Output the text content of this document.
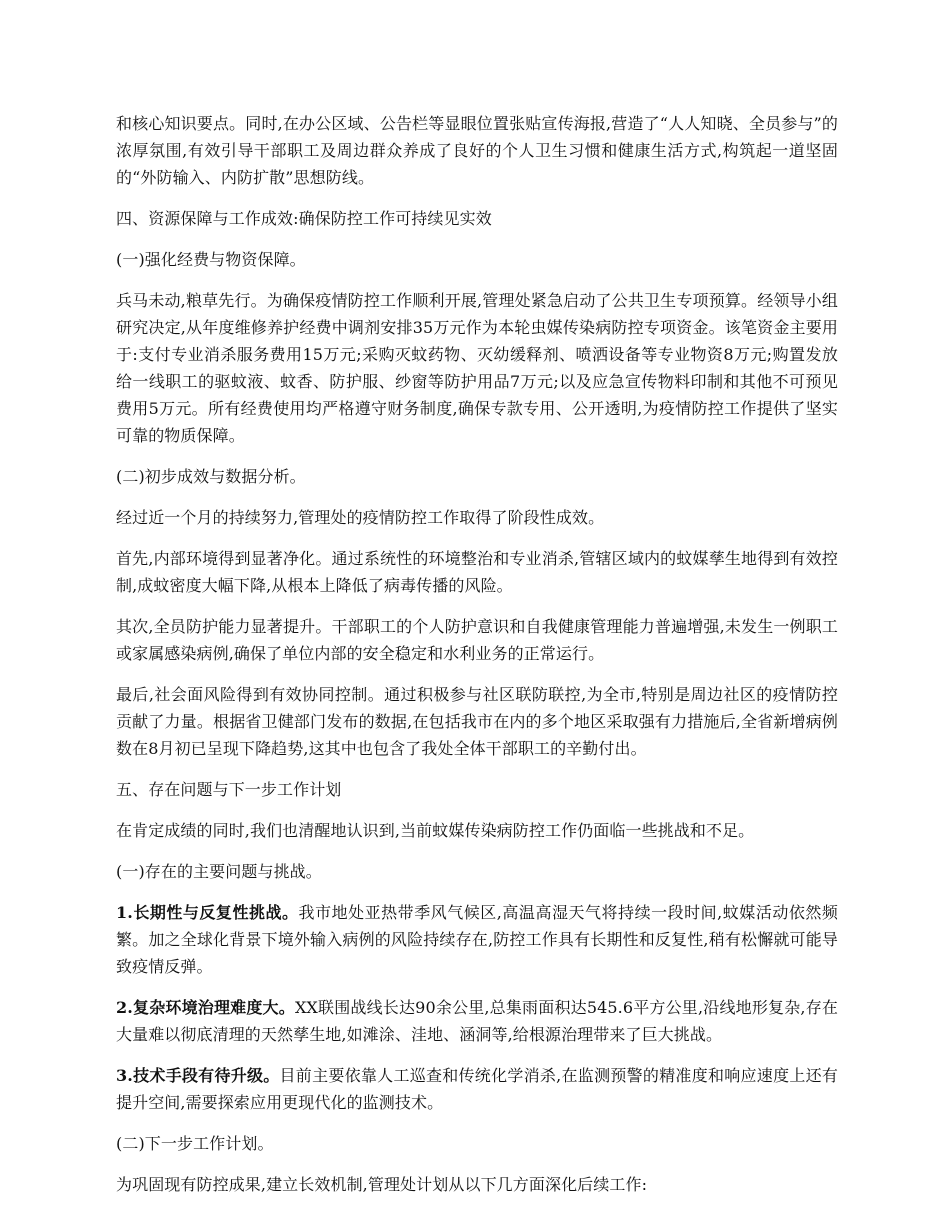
和核心知识要点。同时,在办公区域、公告栏等显眼位置张贴宣传海报,营造了“人人知晓、全员参与”的浓厚氛围,有效引导干部职工及周边群众养成了良好的个人卫生习惯和健康生活方式,构筑起一道坚固的“外防输入、内防扩散”思想防线。

四、资源保障与工作成效:确保防控工作可持续见实效

(一)强化经费与物资保障。

兵马未动,粮草先行。为确保疫情防控工作顺利开展,管理处紧急启动了公共卫生专项预算。经领导小组研究决定,从年度维修养护经费中调剂安排35万元作为本轮虫媒传染病防控专项资金。该笔资金主要用于:支付专业消杀服务费用15万元;采购灭蚊药物、灭幼缓释剂、喷洒设备等专业物资8万元;购置发放给一线职工的驱蚊液、蚊香、防护服、纱窗等防护用品7万元;以及应急宣传物料印制和其他不可预见费用5万元。所有经费使用均严格遵守财务制度,确保专款专用、公开透明,为疫情防控工作提供了坚实可靠的物质保障。

(二)初步成效与数据分析。

经过近一个月的持续努力,管理处的疫情防控工作取得了阶段性成效。

首先,内部环境得到显著净化。通过系统性的环境整治和专业消杀,管辖区域内的蚊媒孳生地得到有效控制,成蚊密度大幅下降,从根本上降低了病毒传播的风险。

其次,全员防护能力显著提升。干部职工的个人防护意识和自我健康管理能力普遍增强,未发生一例职工或家属感染病例,确保了单位内部的安全稳定和水利业务的正常运行。

最后,社会面风险得到有效协同控制。通过积极参与社区联防联控,为全市,特别是周边社区的疫情防控贡献了力量。根据省卫健部门发布的数据,在包括我市在内的多个地区采取强有力措施后,全省新增病例数在8月初已呈现下降趋势,这其中也包含了我处全体干部职工的辛勤付出。

五、存在问题与下一步工作计划

在肯定成绩的同时,我们也清醒地认识到,当前蚊媒传染病防控工作仍面临一些挑战和不足。

(一)存在的主要问题与挑战。

1.长期性与反复性挑战。我市地处亚热带季风气候区,高温高湿天气将持续一段时间,蚊媒活动依然频繁。加之全球化背景下境外输入病例的风险持续存在,防控工作具有长期性和反复性,稍有松懈就可能导致疫情反弹。

2.复杂环境治理难度大。XX联围战线长达90余公里,总集雨面积达545.6平方公里,沿线地形复杂,存在大量难以彻底清理的天然孳生地,如滩涂、洼地、涵洞等,给根源治理带来了巨大挑战。

3.技术手段有待升级。目前主要依靠人工巡查和传统化学消杀,在监测预警的精准度和响应速度上还有提升空间,需要探索应用更现代化的监测技术。

(二)下一步工作计划。

为巩固现有防控成果,建立长效机制,管理处计划从以下几方面深化后续工作:
